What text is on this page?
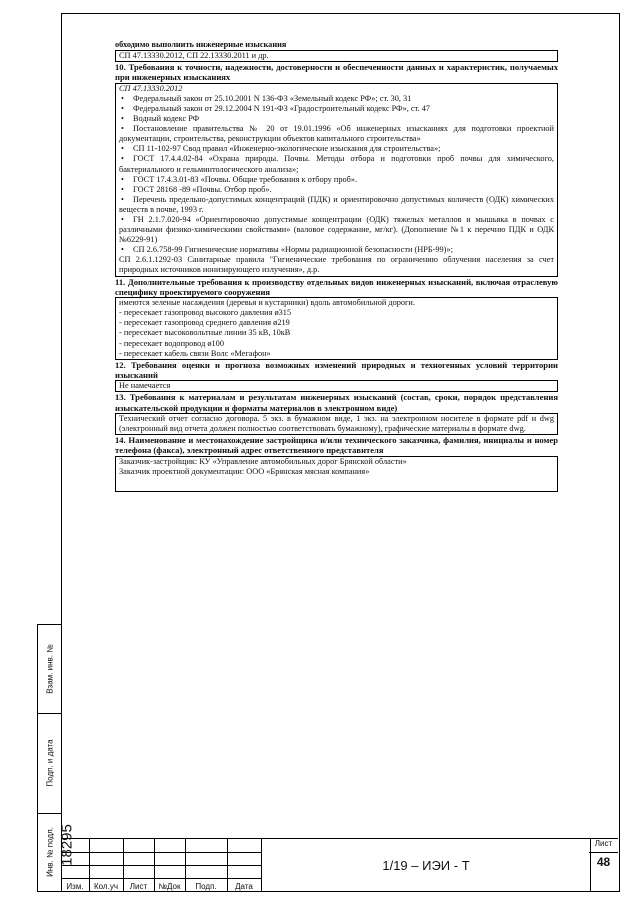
Взам. инв. №
Подп. и дата
Инв. № подл. 18295

обходимо выполнить инженерные изыскания

СП 47.13330.2012, СП 22.13330.2011 и др.

10. Требования к точности, надежности, достоверности и обеспеченности данных и характеристик, получаемых при инженерных изысканиях

СП 47.13330.2012

• Федеральный закон от 25.10.2001 N 136-ФЗ «Земельный кодекс РФ»; ст. 30, 31

• Федеральный закон от 29.12.2004 N 191-ФЗ «Градостроительный кодекс РФ», ст. 47

• Водный кодекс РФ

• Постановление правительства № 20 от 19.01.1996 «Об инженерных изысканиях для подготовки проектной документации, строительства, реконструкции объектов капитального строительства»

• СП 11-102-97 Свод правил «Инженерно-экологические изыскания для строительства»;

• ГОСТ 17.4.4.02-84 «Охрана природы. Почвы. Методы отбора и подготовки проб почвы для химического, бактериального и гельминтологического анализа»;

• ГОСТ 17.4.3.01-83 «Почвы. Общие требования к отбору проб».

• ГОСТ 28168 -89 «Почвы. Отбор проб».

• Перечень предельно-допустимых концентраций (ПДК) и ориентировочно допустимых количеств (ОДК) химических веществ в почве, 1993 г.

• ГН 2.1.7.020-94 «Ориентировочно допустимые концентрации (ОДК) тяжелых металлов и мышьяка в почвах с различными физико-химическими свойствами» (валовое содержание, мг/кг). (Дополнение №1 к перечню ПДК и ОДК №6229-91)

• СП 2.6.758-99 Гигиенические нормативы «Нормы радиационной безопасности (НРБ-99)»;

СП 2.6.1.1292-03 Санитарные правила "Гигиенические требования по ограничению облучения населения за счет природных источников ионизирующего излучения», д.р.

11. Дополнительные требования к производству отдельных видов инженерных изысканий, включая отраслевую специфику проектируемого сооружения

имеются зеленые насаждения (деревья и кустарники) вдоль автомобильной дороги.

- пересекает газопровод высокого давления ø315

- пересекает газопровод среднего давления ø219

- пересекает высоковольтные линии 35 кВ, 10кВ

- пересекает водопровод ø100

- пересекает кабель связи Волс «Мегафон»

12. Требования оценки и прогноза возможных изменений природных и техногенных условий территории изысканий

Не намечается

13. Требования к материалам и результатам инженерных изысканий (состав, сроки, порядок представления изыскательской продукции и форматы материалов в электронном виде)

Технический отчет согласно договора. 5 экз. в бумажном виде, 1 экз. на электронном носителе в формате pdf и dwg (электронный вид отчета должен полностью соответствовать бумажному), графические материалы в формате dwg.

14. Наименование и местонахождение застройщика и/или технического заказчика, фамилия, инициалы и номер телефона (факса), электронный адрес ответственного представителя

Заказчик-застройщик: КУ «Управление автомобильных дорог Брянской области»

Заказчик проектной документации: ООО «Брянская мясная компания»

Изм.	Кол.уч	Лист	№Док	Подп.	Дата
1/19 – ИЭИ - Т
Лист
48
